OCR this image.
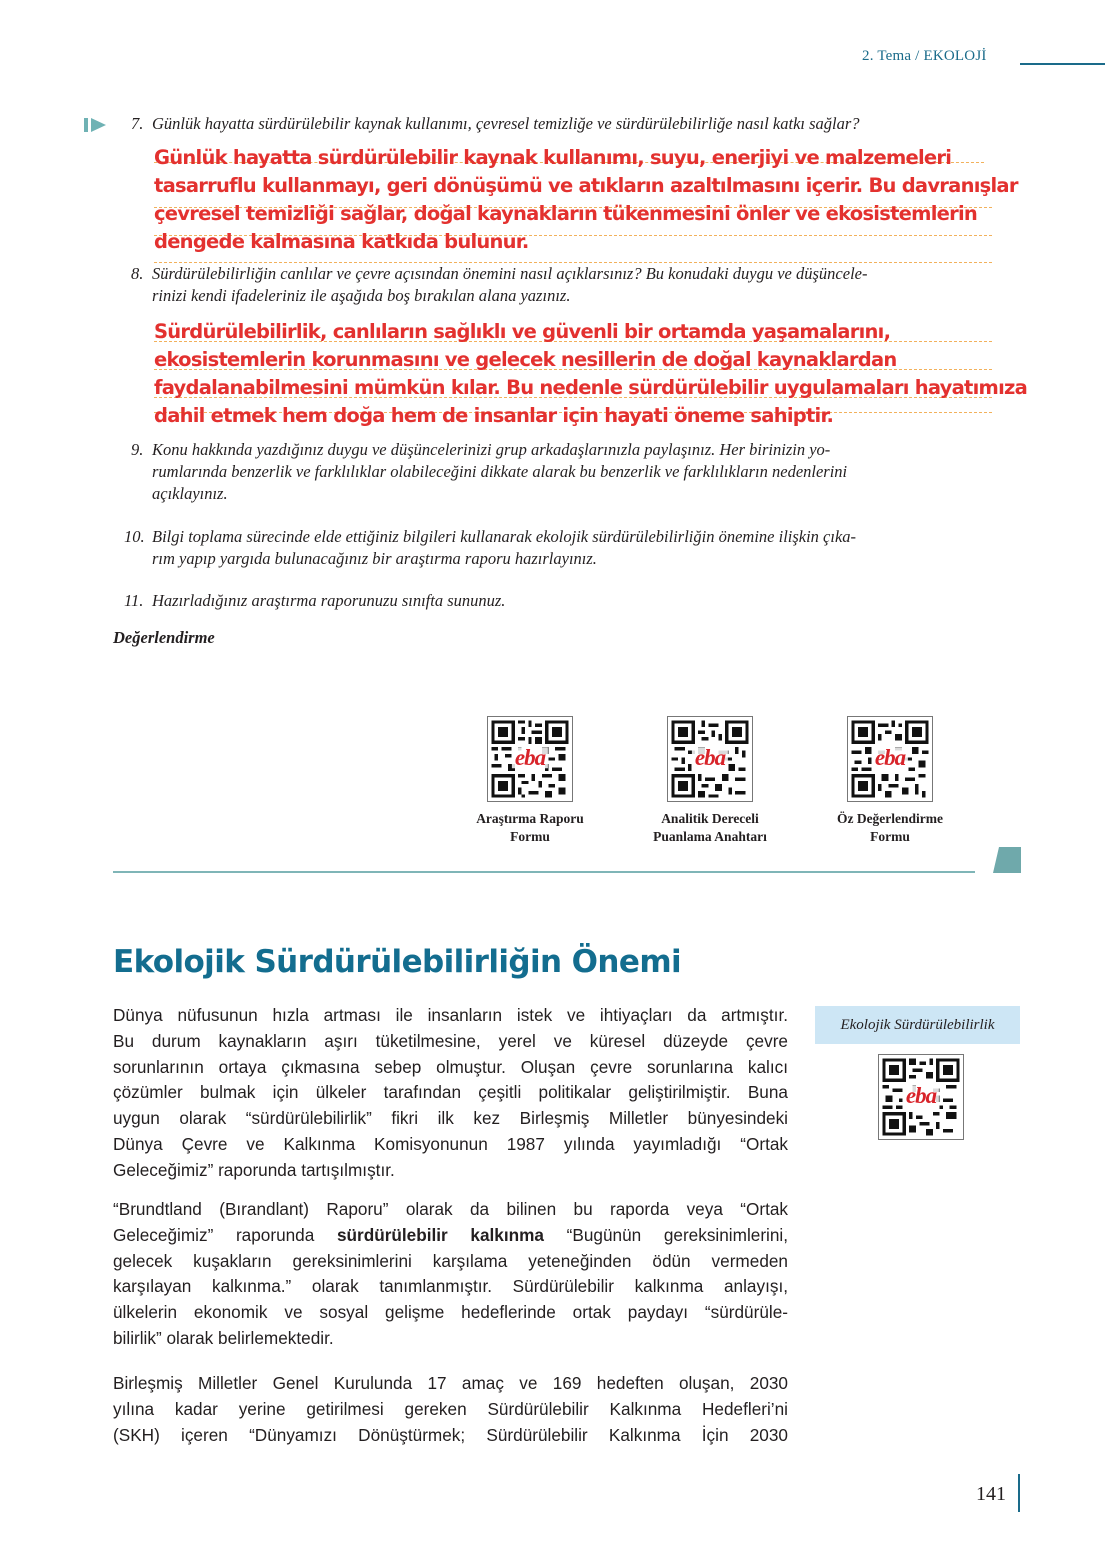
2. Tema / EKOLOJİ
7. Günlük hayatta sürdürülebilir kaynak kullanımı, çevresel temizliğe ve sürdürülebilirliğe nasıl katkı sağlar?
Günlük hayatta sürdürülebilir kaynak kullanımı, suyu, enerjiyi ve malzemeleri
tasarruflu kullanmayı, geri dönüşümü ve atıkların azaltılmasını içerir. Bu davranışlar
çevresel temizliği sağlar, doğal kaynakların tükenmesini önler ve ekosistemlerin
dengede kalmasına katkıda bulunur.
8. Sürdürülebilirliğin canlılar ve çevre açısından önemini nasıl açıklarsınız? Bu konudaki duygu ve düşüncele-
rinizi kendi ifadeleriniz ile aşağıda boş bırakılan alana yazınız.
Sürdürülebilirlik, canlıların sağlıklı ve güvenli bir ortamda yaşamalarını,
ekosistemlerin korunmasını ve gelecek nesillerin de doğal kaynaklardan
faydalanabilmesini mümkün kılar. Bu nedenle sürdürülebilir uygulamaları hayatımıza
dahil etmek hem doğa hem de insanlar için hayati öneme sahiptir.
9. Konu hakkında yazdığınız duygu ve düşüncelerinizi grup arkadaşlarınızla paylaşınız. Her birinizin yo-
rumlarında benzerlik ve farklılıklar olabileceğini dikkate alarak bu benzerlik ve farklılıkların nedenlerini
açıklayınız.
10. Bilgi toplama sürecinde elde ettiğiniz bilgileri kullanarak ekolojik sürdürülebilirliğin önemine ilişkin çıka-
rım yapıp yargıda bulunacağınız bir araştırma raporu hazırlayınız.
11. Hazırladığınız araştırma raporunuzu sınıfta sununuz.
Değerlendirme
eba
Araştırma Raporu
Formu
eba
Analitik Dereceli
Puanlama Anahtarı
eba
Öz Değerlendirme
Formu
Ekolojik Sürdürülebilirliğin Önemi
Dünya nüfusunun hızla artması ile insanların istek ve ihtiyaçları da artmıştır.
Bu durum kaynakların aşırı tüketilmesine, yerel ve küresel düzeyde çevre
sorunlarının ortaya çıkmasına sebep olmuştur. Oluşan çevre sorunlarına kalıcı
çözümler bulmak için ülkeler tarafından çeşitli politikalar geliştirilmiştir. Buna
uygun olarak “sürdürülebilirlik” fikri ilk kez Birleşmiş Milletler bünyesindeki
Dünya Çevre ve Kalkınma Komisyonunun 1987 yılında yayımladığı “Ortak
Geleceğimiz” raporunda tartışılmıştır.
“Brundtland (Bırandlant) Raporu” olarak da bilinen bu raporda veya “Ortak
Geleceğimiz” raporunda sürdürülebilir kalkınma “Bugünün gereksinimlerini,
gelecek kuşakların gereksinimlerini karşılama yeteneğinden ödün vermeden
karşılayan kalkınma.” olarak tanımlanmıştır. Sürdürülebilir kalkınma anlayışı,
ülkelerin ekonomik ve sosyal gelişme hedeflerinde ortak paydayı “sürdürüle-
bilirlik” olarak belirlemektedir.
Birleşmiş Milletler Genel Kurulunda 17 amaç ve 169 hedeften oluşan, 2030
yılına kadar yerine getirilmesi gereken Sürdürülebilir Kalkınma Hedefleri’ni
(SKH) içeren “Dünyamızı Dönüştürmek; Sürdürülebilir Kalkınma İçin 2030
Ekolojik Sürdürülebilirlik
eba
141
